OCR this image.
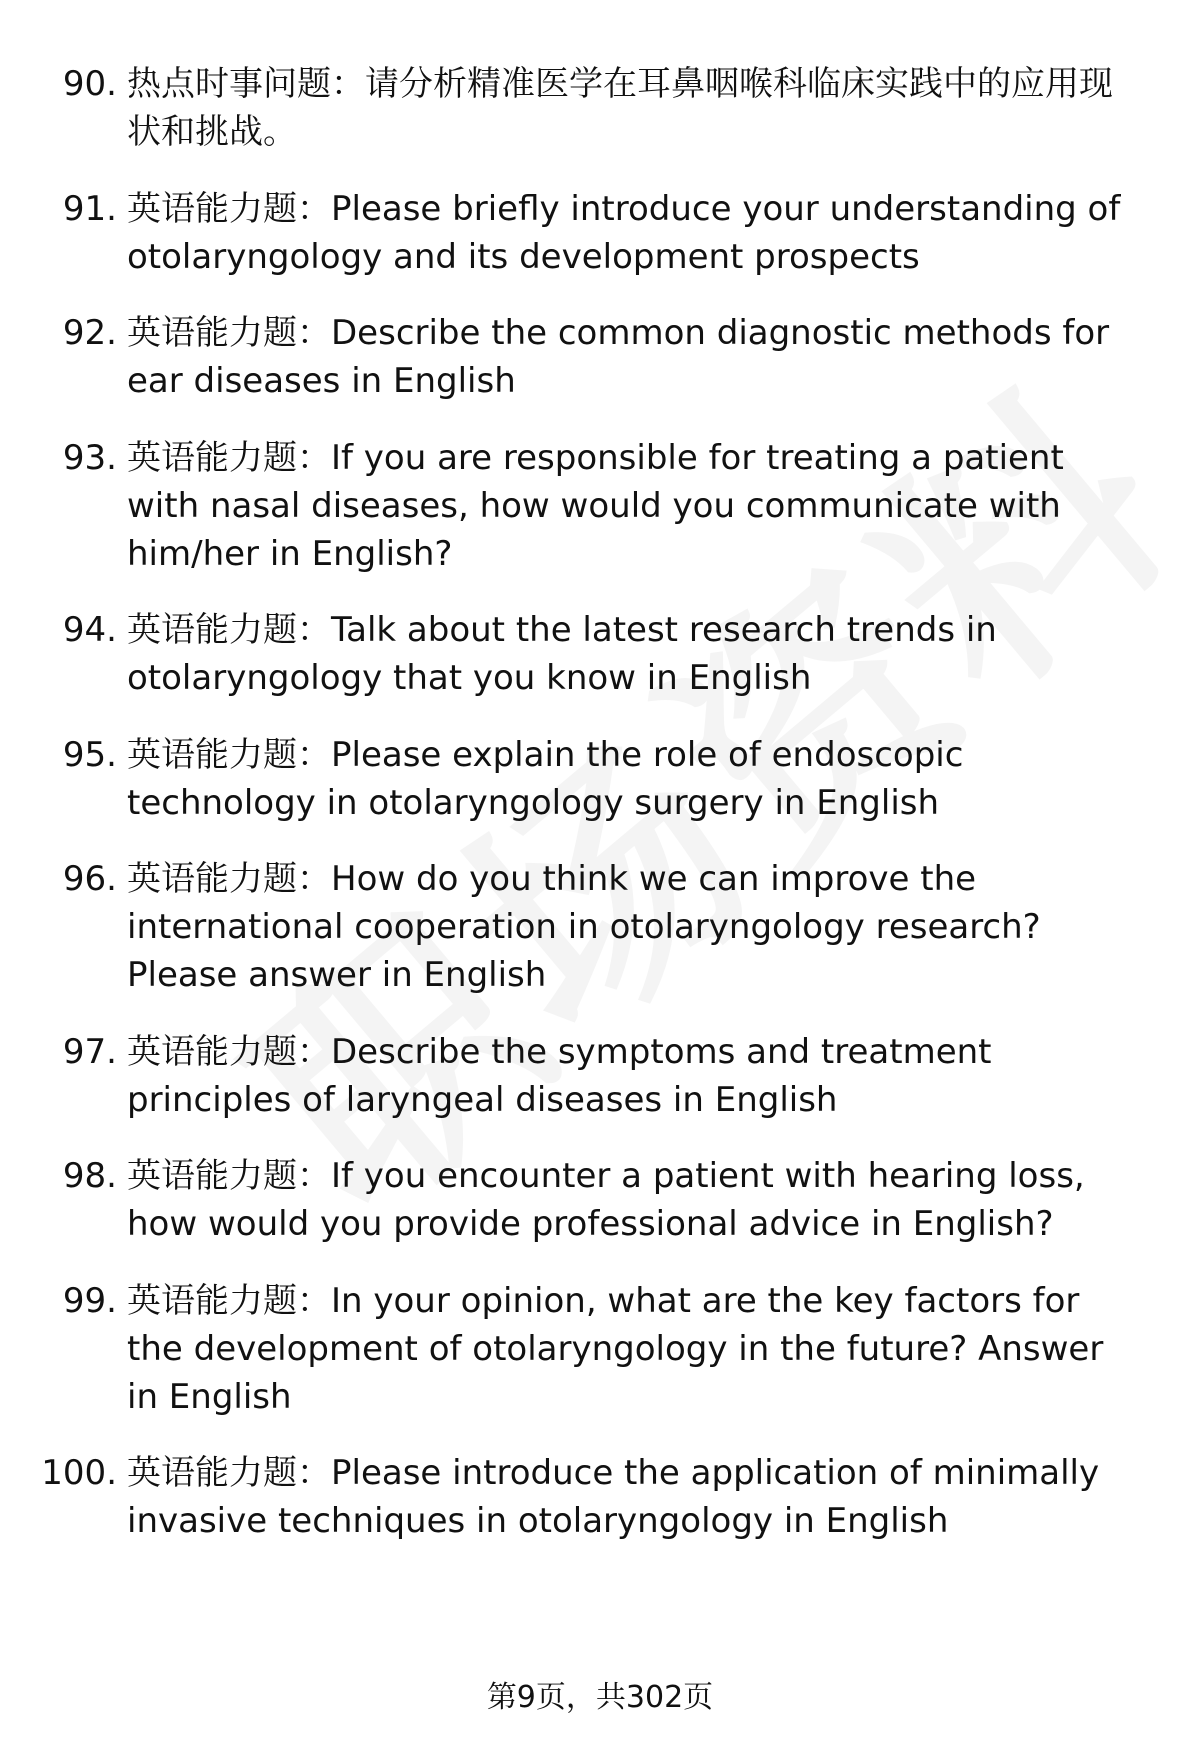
90. 热点时事问题：请分析精准医学在耳鼻咽喉科临床实践中的应用现状和挑战。
91. 英语能力题：Please briefly introduce your understanding of otolaryngology and its development prospects
92. 英语能力题：Describe the common diagnostic methods for ear diseases in English
93. 英语能力题：If you are responsible for treating a patient with nasal diseases, how would you communicate with him/her in English?
94. 英语能力题：Talk about the latest research trends in otolaryngology that you know in English
95. 英语能力题：Please explain the role of endoscopic technology in otolaryngology surgery in English
96. 英语能力题：How do you think we can improve the international cooperation in otolaryngology research? Please answer in English
97. 英语能力题：Describe the symptoms and treatment principles of laryngeal diseases in English
98. 英语能力题：If you encounter a patient with hearing loss, how would you provide professional advice in English?
99. 英语能力题：In your opinion, what are the key factors for the development of otolaryngology in the future? Answer in English
100. 英语能力题：Please introduce the application of minimally invasive techniques in otolaryngology in English
第9页，共302页
